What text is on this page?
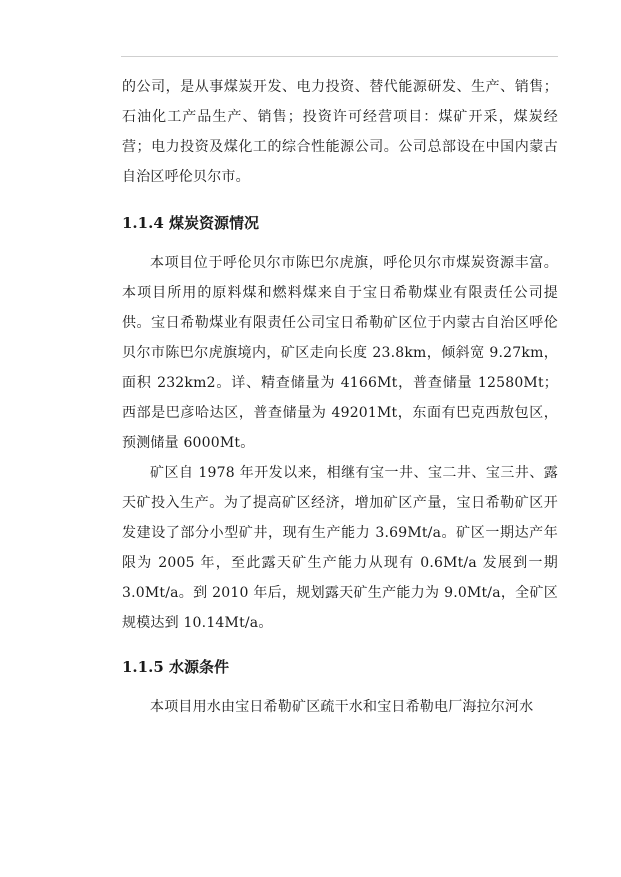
的公司，是从事煤炭开发、电力投资、替代能源研发、生产、销售；石油化工产品生产、销售；投资许可经营项目：煤矿开采，煤炭经营；电力投资及煤化工的综合性能源公司。公司总部设在中国内蒙古自治区呼伦贝尔市。

1.1.4 煤炭资源情况

本项目位于呼伦贝尔市陈巴尔虎旗，呼伦贝尔市煤炭资源丰富。本项目所用的原料煤和燃料煤来自于宝日希勒煤业有限责任公司提供。宝日希勒煤业有限责任公司宝日希勒矿区位于内蒙古自治区呼伦贝尔市陈巴尔虎旗境内，矿区走向长度 23.8km，倾斜宽 9.27km，面积 232km2。详、精查储量为 4166Mt，普查储量 12580Mt；西部是巴彦哈达区，普查储量为 49201Mt，东面有巴克西敖包区，预测储量 6000Mt。

矿区自 1978 年开发以来，相继有宝一井、宝二井、宝三井、露天矿投入生产。为了提高矿区经济，增加矿区产量，宝日希勒矿区开发建设了部分小型矿井，现有生产能力 3.69Mt/a。矿区一期达产年限为 2005 年，至此露天矿生产能力从现有 0.6Mt/a 发展到一期 3.0Mt/a。到 2010 年后，规划露天矿生产能力为 9.0Mt/a，全矿区规模达到 10.14Mt/a。

1.1.5 水源条件

本项目用水由宝日希勒矿区疏干水和宝日希勒电厂海拉尔河水
